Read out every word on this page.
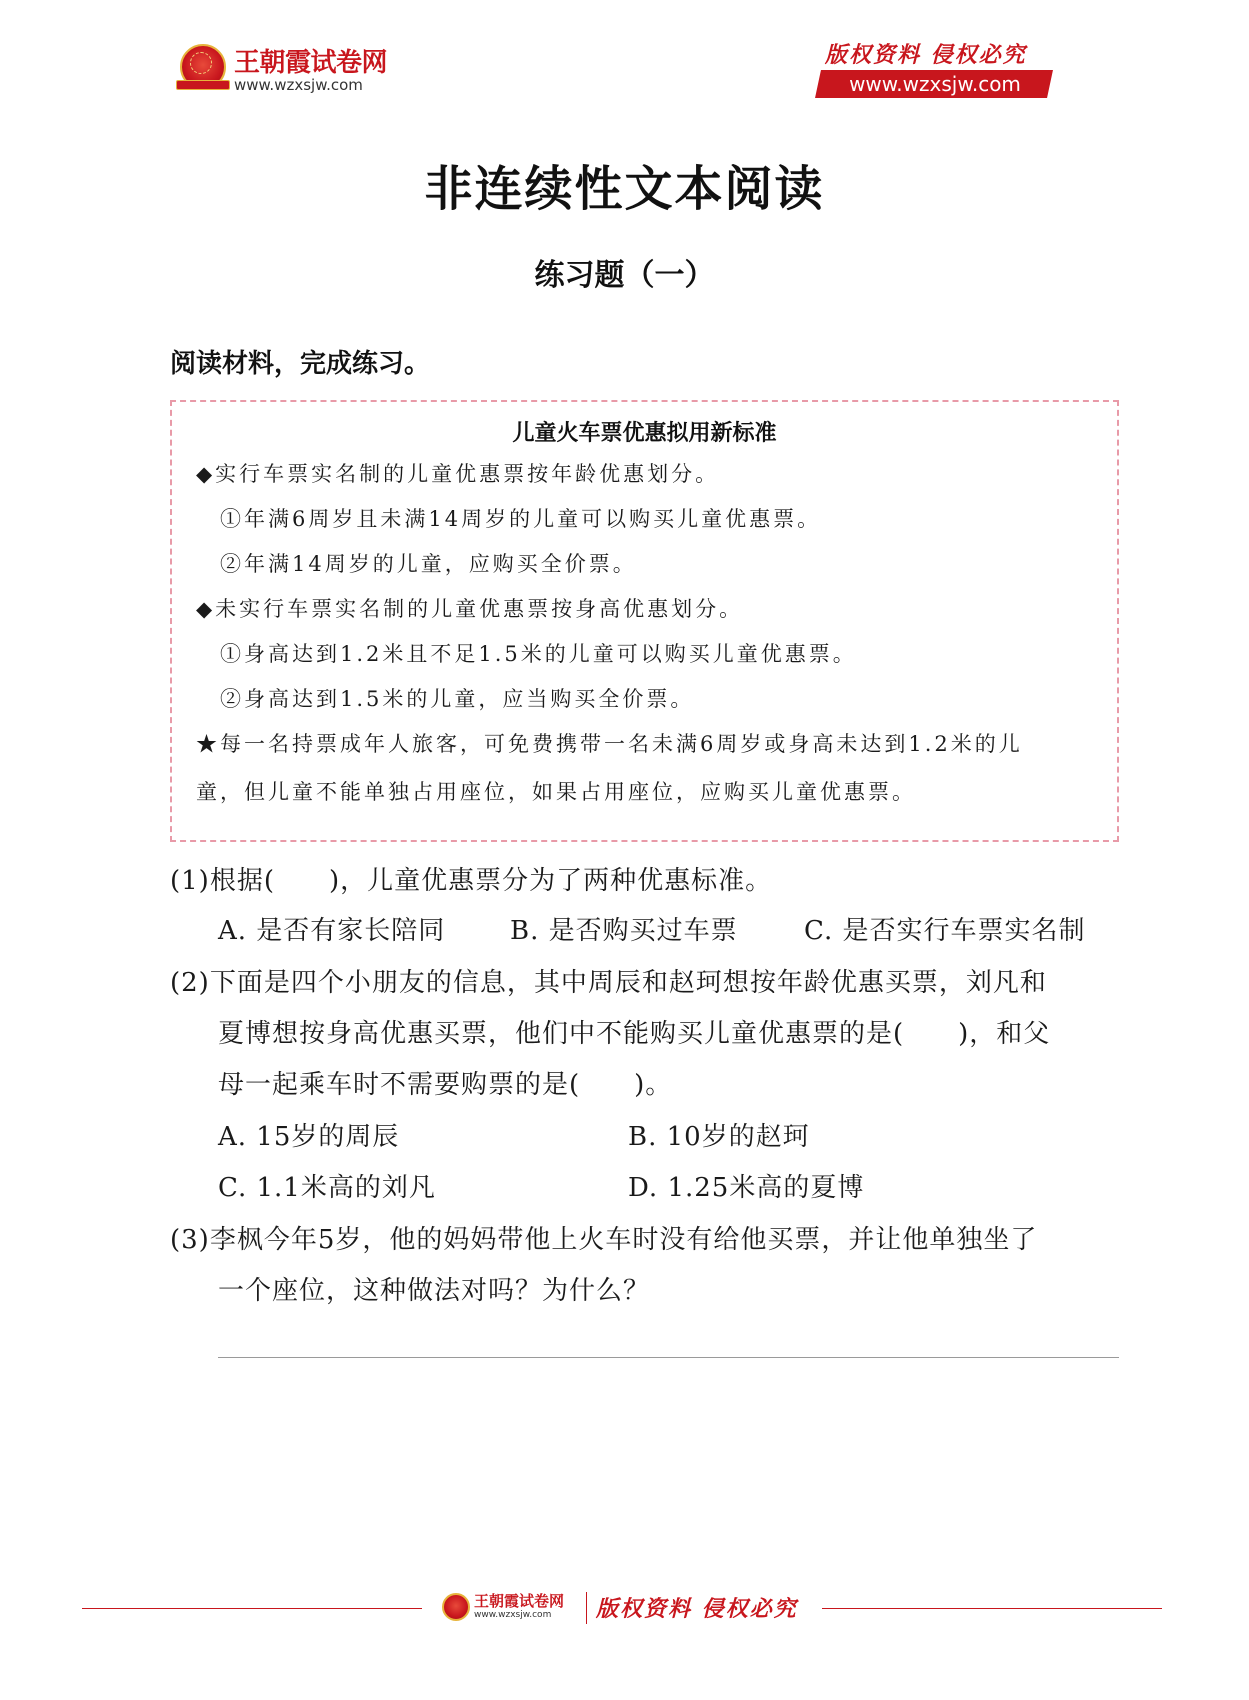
王朝霞试卷网
www.wzxsjw.com
版权资料 侵权必究
www.wzxsjw.com
非连续性文本阅读
练习题（一）
阅读材料，完成练习。
儿童火车票优惠拟用新标准
◆实行车票实名制的儿童优惠票按年龄优惠划分。
①年满6周岁且未满14周岁的儿童可以购买儿童优惠票。
②年满14周岁的儿童，应购买全价票。
◆未实行车票实名制的儿童优惠票按身高优惠划分。
①身高达到1.2米且不足1.5米的儿童可以购买儿童优惠票。
②身高达到1.5米的儿童，应当购买全价票。
★每一名持票成年人旅客，可免费携带一名未满6周岁或身高未达到1.2米的儿
童，但儿童不能单独占用座位，如果占用座位，应购买儿童优惠票。
(1)根据(　　)，儿童优惠票分为了两种优惠标准。
A. 是否有家长陪同 B. 是否购买过车票	C. 是否实行车票实名制
(2)下面是四个小朋友的信息，其中周辰和赵珂想按年龄优惠买票，刘凡和
夏博想按身高优惠买票，他们中不能购买儿童优惠票的是(　　)，和父
母一起乘车时不需要购票的是(　　)。
A. 15岁的周辰	B. 10岁的赵珂
C. 1.1米高的刘凡	D. 1.25米高的夏博
(3)李枫今年5岁，他的妈妈带他上火车时没有给他买票，并让他单独坐了
一个座位，这种做法对吗？为什么？
王朝霞试卷网
www.wzxsjw.com 版权资料 侵权必究
